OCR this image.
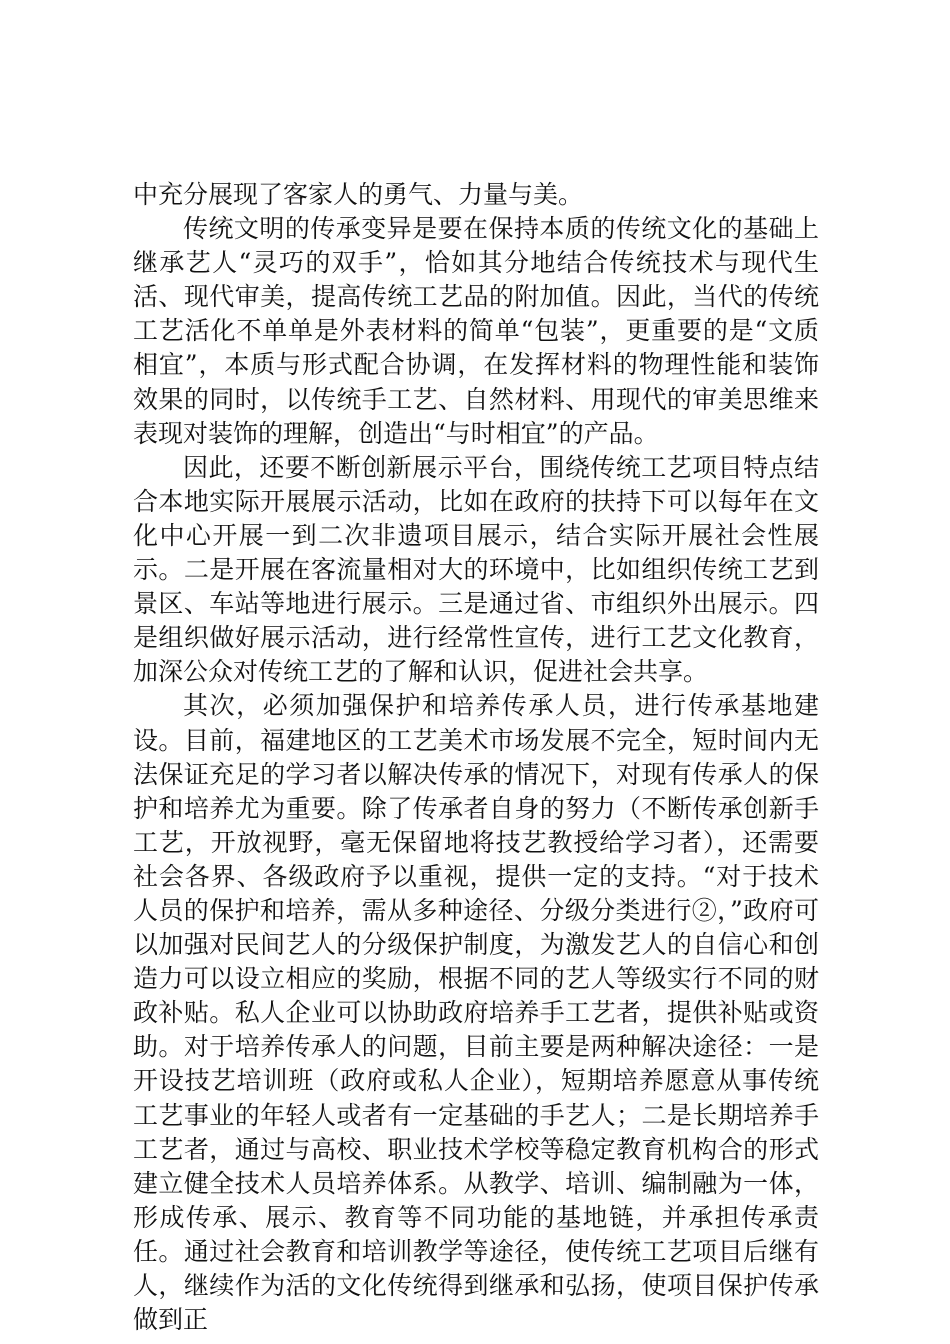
中充分展现了客家人的勇气、力量与美。

传统文明的传承变异是要在保持本质的传统文化的基础上继承艺人“灵巧的双手”，恰如其分地结合传统技术与现代生活、现代审美，提高传统工艺品的附加值。因此，当代的传统工艺活化不单单是外表材料的简单“包装”，更重要的是“文质相宜”，本质与形式配合协调，在发挥材料的物理性能和装饰效果的同时，以传统手工艺、自然材料、用现代的审美思维来表现对装饰的理解，创造出“与时相宜”的产品。

因此，还要不断创新展示平台，围绕传统工艺项目特点结合本地实际开展展示活动，比如在政府的扶持下可以每年在文化中心开展一到二次非遗项目展示，结合实际开展社会性展示。二是开展在客流量相对大的环境中，比如组织传统工艺到景区、车站等地进行展示。三是通过省、市组织外出展示。四是组织做好展示活动，进行经常性宣传，进行工艺文化教育，加深公众对传统工艺的了解和认识，促进社会共享。

其次，必须加强保护和培养传承人员，进行传承基地建设。目前，福建地区的工艺美术市场发展不完全，短时间内无法保证充足的学习者以解决传承的情况下，对现有传承人的保护和培养尤为重要。除了传承者自身的努力（不断传承创新手工艺，开放视野，毫无保留地将技艺教授给学习者），还需要社会各界、各级政府予以重视，提供一定的支持。“对于技术人员的保护和培养，需从多种途径、分级分类进行②，”政府可以加强对民间艺人的分级保护制度，为激发艺人的自信心和创造力可以设立相应的奖励，根据不同的艺人等级实行不同的财政补贴。私人企业可以协助政府培养手工艺者，提供补贴或资助。对于培养传承人的问题，目前主要是两种解决途径：一是开设技艺培训班（政府或私人企业），短期培养愿意从事传统工艺事业的年轻人或者有一定基础的手艺人；二是长期培养手工艺者，通过与高校、职业技术学校等稳定教育机构合的形式建立健全技术人员培养体系。从教学、培训、编制融为一体，形成传承、展示、教育等不同功能的基地链，并承担传承责任。通过社会教育和培训教学等途径，使传统工艺项目后继有人，继续作为活的文化传统得到继承和弘扬，使项目保护传承做到正
